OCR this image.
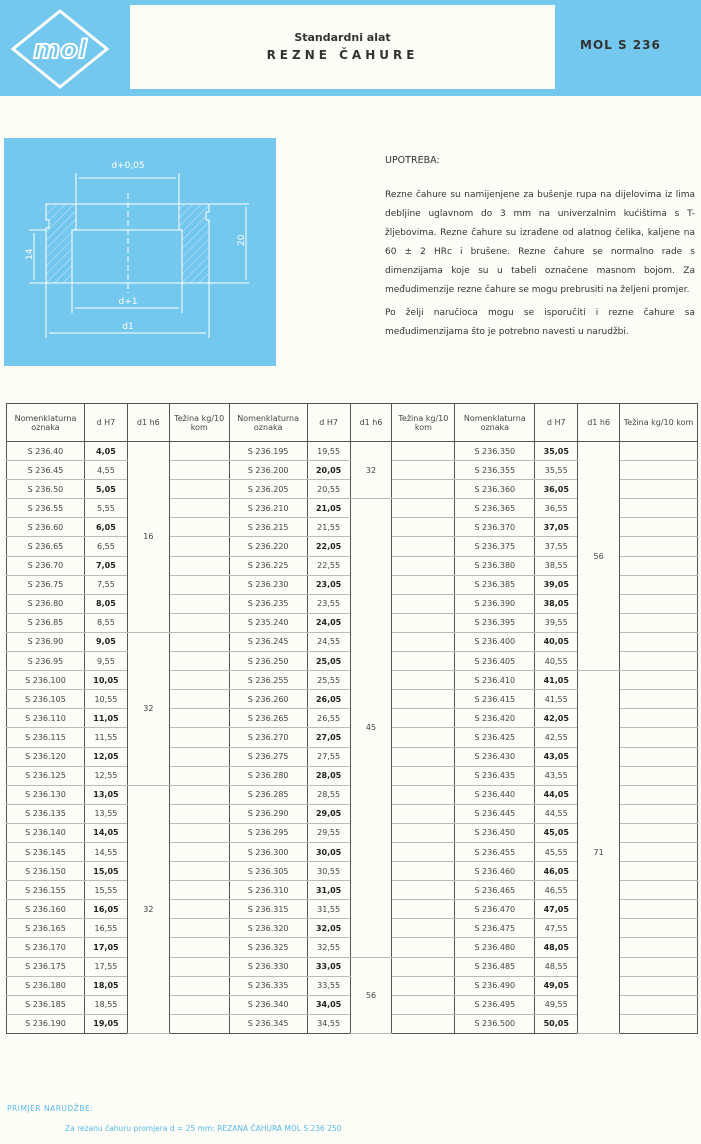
mol	Standardni alat
REZNE ČAHURE
MOL S 236
d+0,05
d+1
d1
20
14
UPOTREBA:

Rezne čahure su namijenjene za bušenje rupa na dijelovima iz lima debljine uglavnom do 3 mm na univerzalnim kućištima s T-žljebovima. Rezne čahure su izrađene od alatnog čelika, kaljene na 60 ± 2 HRc i brušene. Rezne čahure se normalno rade s dimenzijama koje su u tabeli označene masnom bojom. Za međudimenzije rezne čahure se mogu prebrusiti na željeni promjer.

Po želji naručioca mogu se isporučiti i rezne čahure sa međudimenzijama što je potrebno navesti u narudžbi.

Nomenklaturna oznaka	d H7	d1 h6	Težina kg/10 kom	Nomenklaturna oznaka	d H7	d1 h6	Težina kg/10 kom	Nomenklaturna oznaka	d H7	d1 h6	Težina kg/10 kom
S 236.40	4,05	16		S 236.195	19,55	32		S 236.350	35,05	56	
S 236.45	4,55			S 236.200	20,05			S 236.355	35,55		
S 236.50	5,05			S 236.205	20,55			S 236.360	36,05		
S 236.55	5,55			S 236.210	21,05	45		S 236.365	36,55		
S 236.60	6,05			S 236.215	21,55			S 236.370	37,05		
S 236.65	6,55			S 236.220	22,05			S 236.375	37,55		
S 236.70	7,05			S 236.225	22,55			S 236.380	38,55		
S 236.75	7,55			S 236.230	23,05			S 236.385	39,05		
S 236.80	8,05			S 236.235	23,55			S 236.390	38,05		
S 236.85	8,55			S 235.240	24,05			S 236.395	39,55		
S 236.90	9,05	32		S 236.245	24,55			S 236.400	40,05		
S 236.95	9,55			S 236.250	25,05			S 236.405	40,55		
S 236.100	10,05			S 236.255	25,55			S 236.410	41,05	71	
S 236.105	10,55			S 236.260	26,05			S 236.415	41,55		
S 236.110	11,05			S 236.265	26,55			S 236.420	42,05		
S 236.115	11,55			S 236.270	27,05			S 236.425	42,55		
S 236.120	12,05			S 236.275	27,55			S 236.430	43,05		
S 236.125	12,55			S 236.280	28,05			S 236.435	43,55		
S 236.130	13,05	32		S 236.285	28,55			S 236.440	44,05		
S 236.135	13,55			S 236.290	29,05			S 236.445	44,55		
S 236.140	14,05			S 236.295	29,55			S 236.450	45,05		
S 236.145	14,55			S 236.300	30,05			S 236.455	45,55		
S 236.150	15,05			S 236.305	30,55			S 236.460	46,05		
S 236.155	15,55			S 236.310	31,05			S 236.465	46,55		
S 236.160	16,05			S 236.315	31,55			S 236.470	47,05		
S 236.165	16,55			S 236.320	32,05			S 236.475	47,55		
S 236.170	17,05			S 236.325	32,55			S 236.480	48,05		
S 236.175	17,55			S 236.330	33,05	56		S 236.485	48,55		
S 236.180	18,05			S 236.335	33,55			S 236.490	49,05		
S 236.185	18,55			S 236.340	34,05			S 236.495	49,55		
S 236.190	19,05			S 236.345	34,55			S 236.500	50,05		
PRIMJER NARUDŽBE:
Za rezanu čahuru promjera d = 25 mm: REZANA ČAHURA MOL S 236 250
